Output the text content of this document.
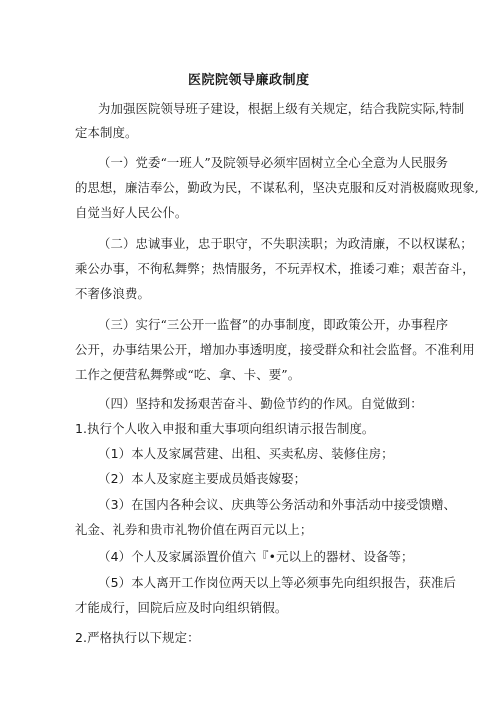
医院院领导廉政制度
为加强医院领导班子建设，根据上级有关规定，结合我院实际,特制
定本制度。
（一）党委“一班人”及院领导必须牢固树立全心全意为人民服务
的思想，廉洁奉公，勤政为民，不谋私利，坚决克服和反对消极腐败现象,
自觉当好人民公仆。
（二）忠诚事业，忠于职守，不失职渎职；为政清廉，不以权谋私；
乘公办事，不徇私舞弊；热情服务，不玩弄权术，推诿刁难；艰苦奋斗，
不奢侈浪费。
（三）实行“三公开一监督”的办事制度，即政策公开，办事程序
公开，办事结果公开，增加办事透明度，接受群众和社会监督。不准利用
工作之便营私舞弊或“吃、拿、卡、要”。
（四）坚持和发扬艰苦奋斗、勤俭节约的作风。自觉做到：
1.执行个人收入申报和重大事项向组织请示报告制度。
（1）本人及家属营建、出租、买卖私房、装修住房；
（2）本人及家庭主要成员婚丧嫁娶；
（3）在国内各种会议、庆典等公务活动和外事活动中接受馈赠、
礼金、礼券和贵市礼物价值在两百元以上；
（4）个人及家属添置价值六『•元以上的器材、设备等；
（5）本人离开工作岗位两天以上等必须事先向组织报告，获准后
才能成行，回院后应及时向组织销假。
2.严格执行以下规定：
